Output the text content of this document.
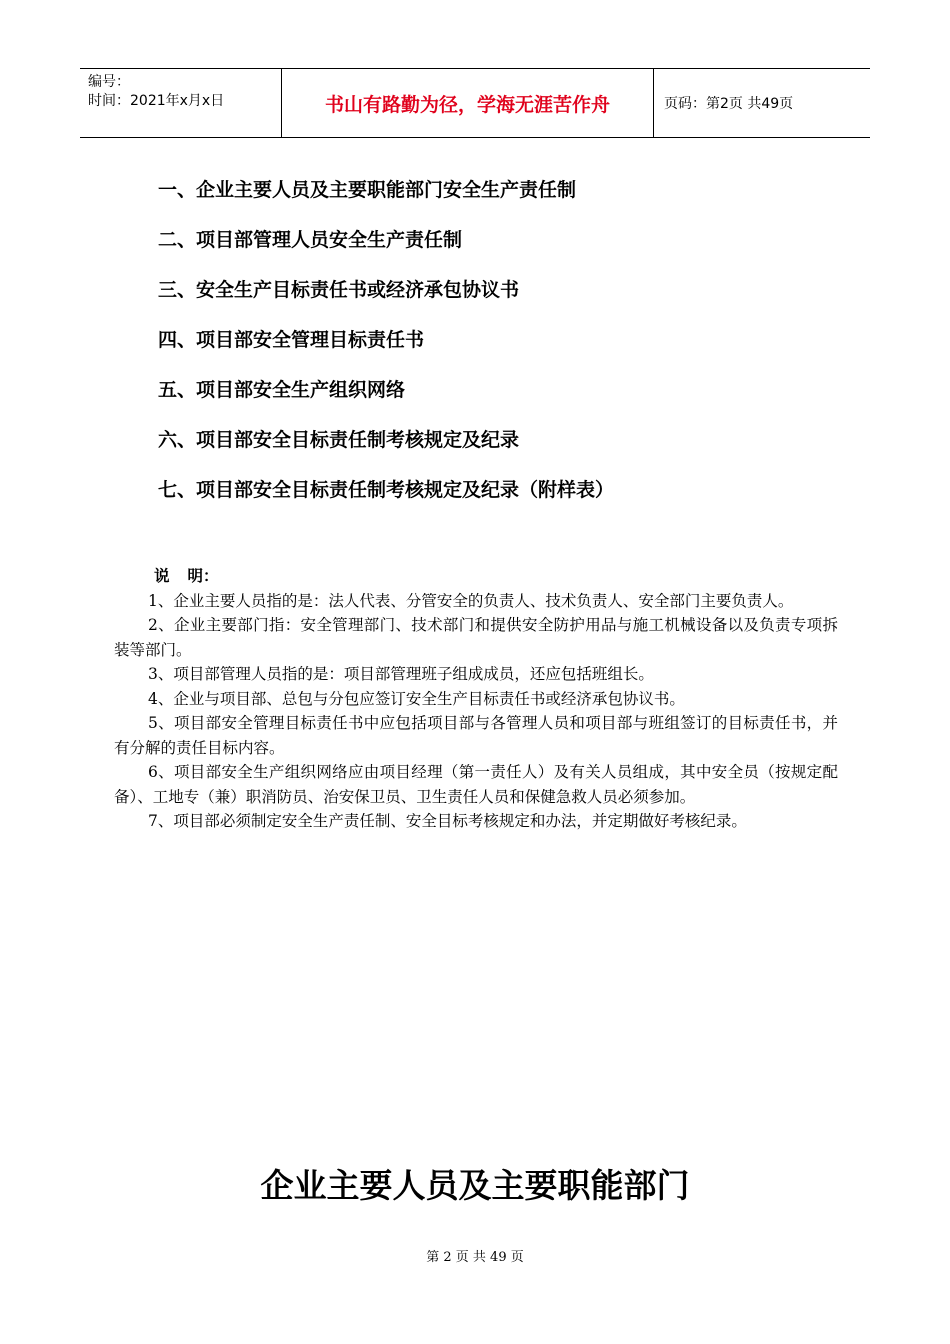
编号：
时间：2021年x月x日	书山有路勤为径，学海无涯苦作舟	页码：第2页 共49页
一、企业主要人员及主要职能部门安全生产责任制
二、项目部管理人员安全生产责任制
三、安全生产目标责任书或经济承包协议书
四、项目部安全管理目标责任书
五、项目部安全生产组织网络
六、项目部安全目标责任制考核规定及纪录
七、项目部安全目标责任制考核规定及纪录（附样表）
说 明：

1、企业主要人员指的是：法人代表、分管安全的负责人、技术负责人、安全部门主要负责人。

2、企业主要部门指：安全管理部门、技术部门和提供安全防护用品与施工机械设备以及负责专项拆装等部门。

3、项目部管理人员指的是：项目部管理班子组成成员，还应包括班组长。

4、企业与项目部、总包与分包应签订安全生产目标责任书或经济承包协议书。

5、项目部安全管理目标责任书中应包括项目部与各管理人员和项目部与班组签订的目标责任书，并有分解的责任目标内容。

6、项目部安全生产组织网络应由项目经理（第一责任人）及有关人员组成，其中安全员（按规定配备）、工地专（兼）职消防员、治安保卫员、卫生责任人员和保健急救人员必须参加。

7、项目部必须制定安全生产责任制、安全目标考核规定和办法，并定期做好考核纪录。

企业主要人员及主要职能部门
第 2 页 共 49 页
